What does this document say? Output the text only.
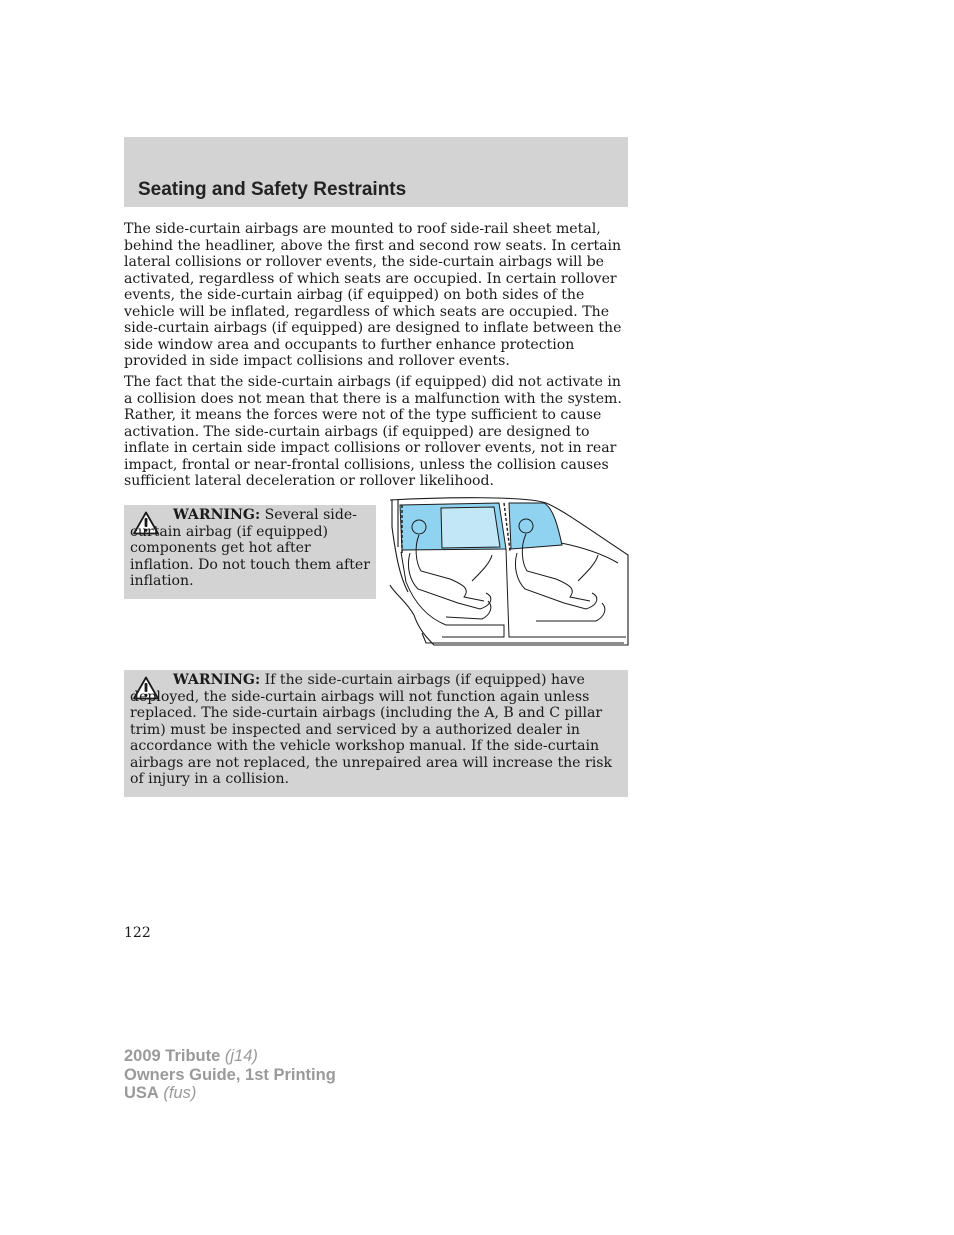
Seating and Safety Restraints

The side-curtain airbags are mounted to roof side-rail sheet metal, behind the headliner, above the first and second row seats. In certain lateral collisions or rollover events, the side-curtain airbags will be activated, regardless of which seats are occupied. In certain rollover events, the side-curtain airbag (if equipped) on both sides of the vehicle will be inflated, regardless of which seats are occupied. The side-curtain airbags (if equipped) are designed to inflate between the side window area and occupants to further enhance protection provided in side impact collisions and rollover events.

The fact that the side-curtain airbags (if equipped) did not activate in a collision does not mean that there is a malfunction with the system. Rather, it means the forces were not of the type sufficient to cause activation. The side-curtain airbags (if equipped) are designed to inflate in certain side impact collisions or rollover events, not in rear impact, frontal or near-frontal collisions, unless the collision causes sufficient lateral deceleration or rollover likelihood.

WARNING: Several side-curtain airbag (if equipped) components get hot after inflation. Do not touch them after inflation.

WARNING: If the side-curtain airbags (if equipped) have deployed, the side-curtain airbags will not function again unless replaced. The side-curtain airbags (including the A, B and C pillar trim) must be inspected and serviced by a authorized dealer in accordance with the vehicle workshop manual. If the side-curtain airbags are not replaced, the unrepaired area will increase the risk of injury in a collision.

122
2009 Tribute (j14)
Owners Guide, 1st Printing
USA (fus)
